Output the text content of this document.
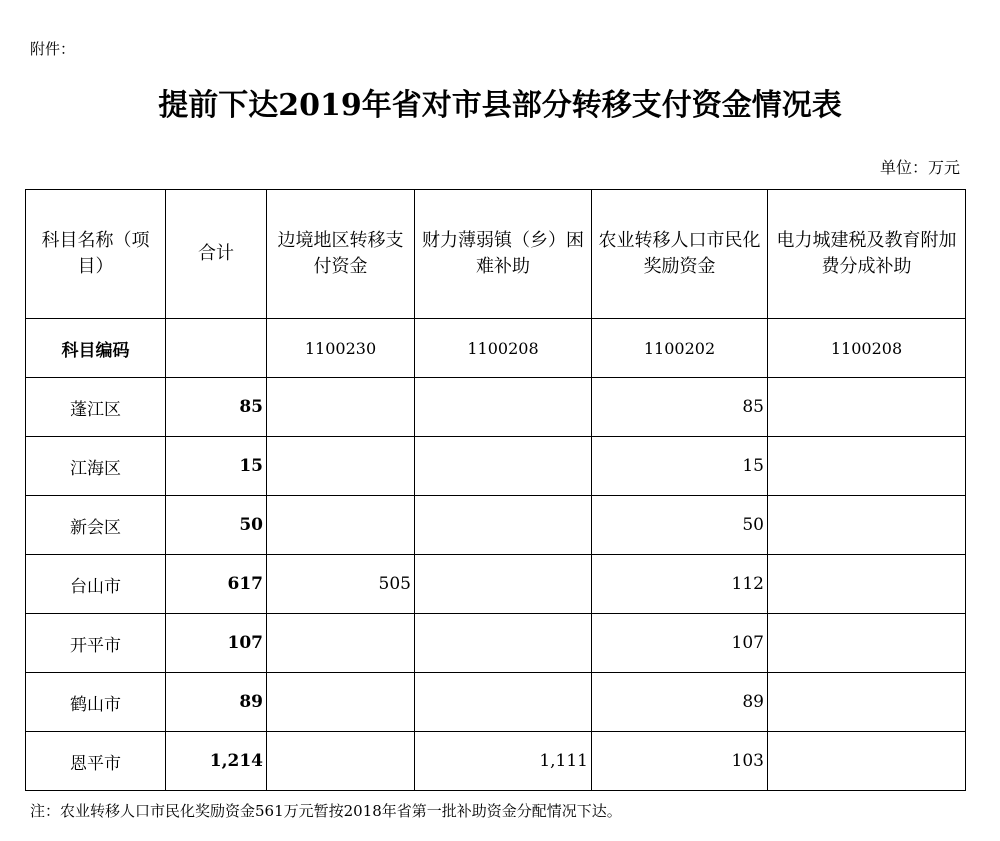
附件：
提前下达2019年省对市县部分转移支付资金情况表
单位：万元
科目名称（项目）	合计	边境地区转移支付资金	财力薄弱镇（乡）困难补助	农业转移人口市民化奖励资金	电力城建税及教育附加费分成补助
科目编码		1100230	1100208	1100202	1100208
蓬江区	85			85	
江海区	15			15	
新会区	50			50	
台山市	617	505		112	
开平市	107			107	
鹤山市	89			89	
恩平市	1,214		1,111	103	
注：农业转移人口市民化奖励资金561万元暂按2018年省第一批补助资金分配情况下达。
